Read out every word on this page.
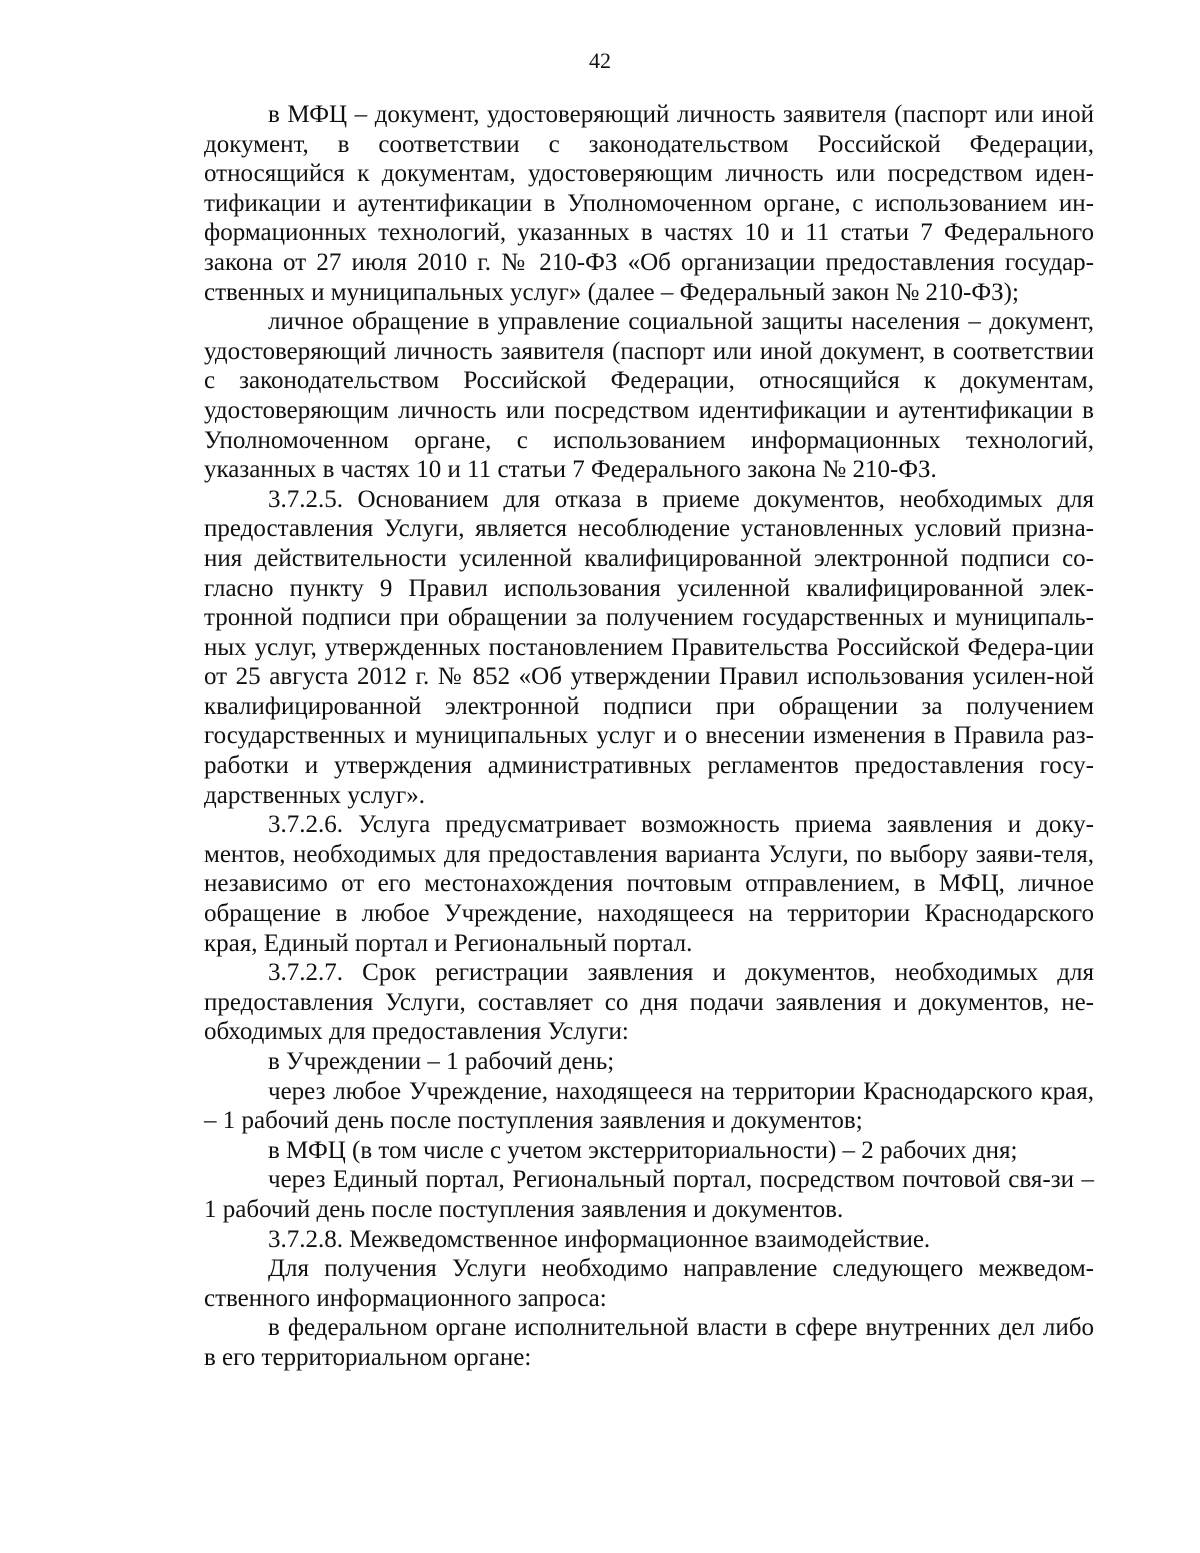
42

в МФЦ – документ, удостоверяющий личность заявителя (паспорт или иной документ, в соответствии с законодательством Российской Федерации, относящийся к документам, удостоверяющим личность или посредством иден-тификации и аутентификации в Уполномоченном органе, с использованием ин-формационных технологий, указанных в частях 10 и 11 статьи 7 Федерального закона от 27 июля 2010 г. № 210-ФЗ «Об организации предоставления государ-ственных и муниципальных услуг» (далее – Федеральный закон № 210-ФЗ);

личное обращение в управление социальной защиты населения – документ, удостоверяющий личность заявителя (паспорт или иной документ, в соответствии с законодательством Российской Федерации, относящийся к документам, удостоверяющим личность или посредством идентификации и аутентификации в Уполномоченном органе, с использованием информационных технологий, указанных в частях 10 и 11 статьи 7 Федерального закона № 210-ФЗ.

3.7.2.5. Основанием для отказа в приеме документов, необходимых для предоставления Услуги, является несоблюдение установленных условий призна-ния действительности усиленной квалифицированной электронной подписи со-гласно пункту 9 Правил использования усиленной квалифицированной элек-тронной подписи при обращении за получением государственных и муниципаль-ных услуг, утвержденных постановлением Правительства Российской Федера-ции от 25 августа 2012 г. № 852 «Об утверждении Правил использования усилен-ной квалифицированной электронной подписи при обращении за получением государственных и муниципальных услуг и о внесении изменения в Правила раз-работки и утверждения административных регламентов предоставления госу-дарственных услуг».

3.7.2.6. Услуга предусматривает возможность приема заявления и доку-ментов, необходимых для предоставления варианта Услуги, по выбору заяви-теля, независимо от его местонахождения почтовым отправлением, в МФЦ, личное обращение в любое Учреждение, находящееся на территории Краснодарского края, Единый портал и Региональный портал.

3.7.2.7. Срок регистрации заявления и документов, необходимых для предоставления Услуги, составляет со дня подачи заявления и документов, не-обходимых для предоставления Услуги:

в Учреждении – 1 рабочий день;

через любое Учреждение, находящееся на территории Краснодарского края, – 1 рабочий день после поступления заявления и документов;

в МФЦ (в том числе с учетом экстерриториальности) – 2 рабочих дня;

через Единый портал, Региональный портал, посредством почтовой свя-зи – 1 рабочий день после поступления заявления и документов.

3.7.2.8. Межведомственное информационное взаимодействие.

Для получения Услуги необходимо направление следующего межведом-ственного информационного запроса:

в федеральном органе исполнительной власти в сфере внутренних дел либо в его территориальном органе:
